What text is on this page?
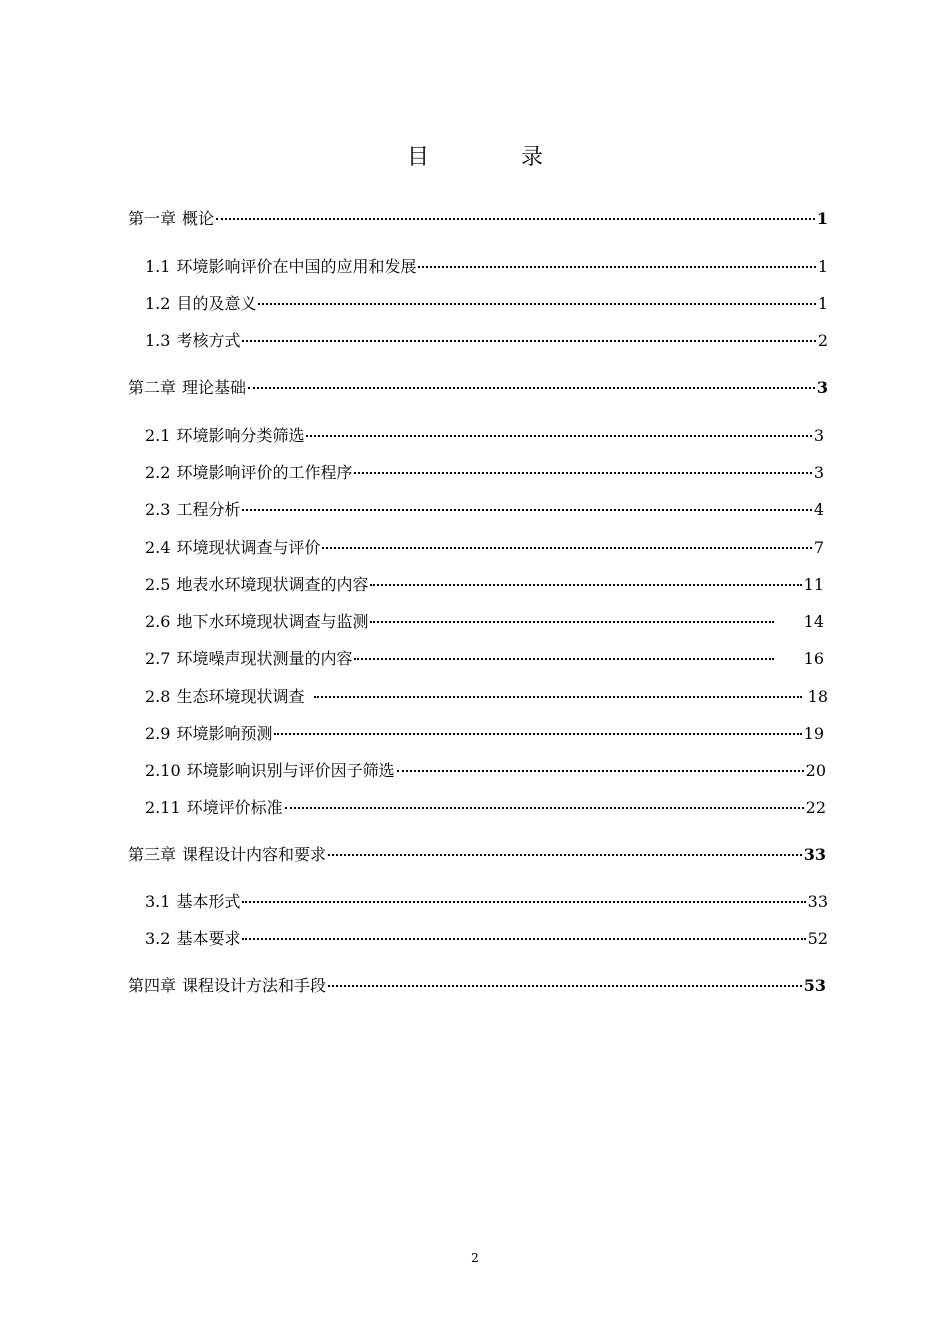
目	录
第一章 概论	1
1.1 环境影响评价在中国的应用和发展	1
1.2 目的及意义	1
1.3 考核方式	2
第二章 理论基础	3
2.1 环境影响分类筛选	3
2.2 环境影响评价的工作程序	3
2.3 工程分析	4
2.4 环境现状调查与评价	7
2.5 地表水环境现状调查的内容	11
2.6 地下水环境现状调查与监测	14
2.7 环境噪声现状测量的内容	16
2.8 生态环境现状调查	18
2.9 环境影响预测	19
2.10 环境影响识别与评价因子筛选	20
2.11 环境评价标准	22
第三章 课程设计内容和要求	33
3.1 基本形式	33
3.2 基本要求	52
第四章 课程设计方法和手段	53
2
